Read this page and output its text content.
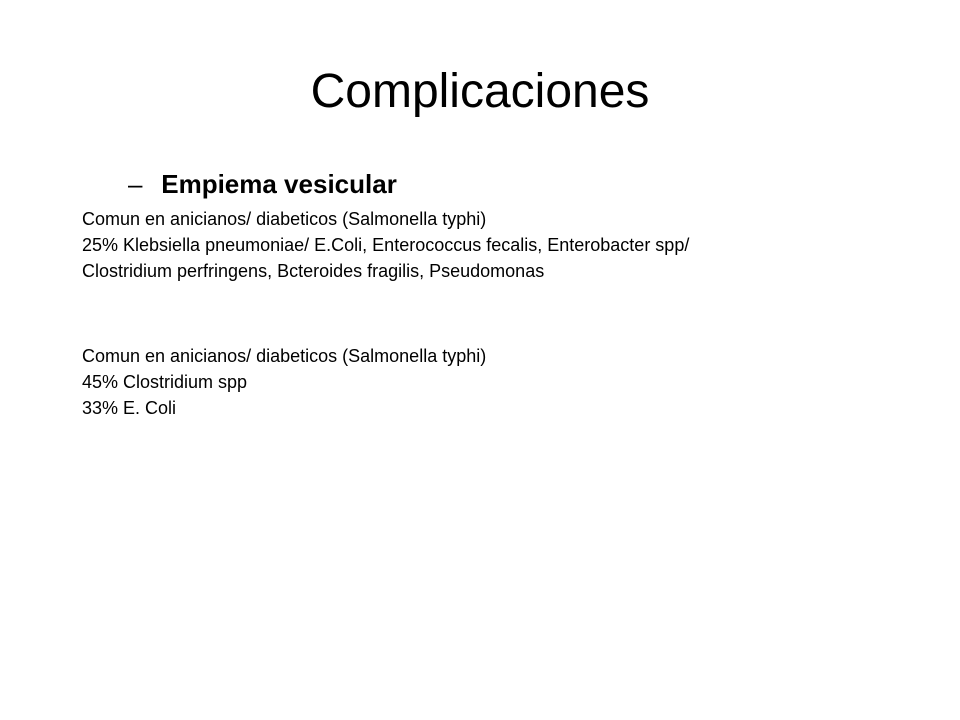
Complicaciones
– Empiema vesicular
Comun en anicianos/ diabeticos (Salmonella typhi)
25% Klebsiella pneumoniae/ E.Coli, Enterococcus fecalis, Enterobacter spp/
Clostridium perfringens, Bcteroides fragilis, Pseudomonas
Comun en anicianos/ diabeticos (Salmonella typhi)
45% Clostridium spp
33% E. Coli
